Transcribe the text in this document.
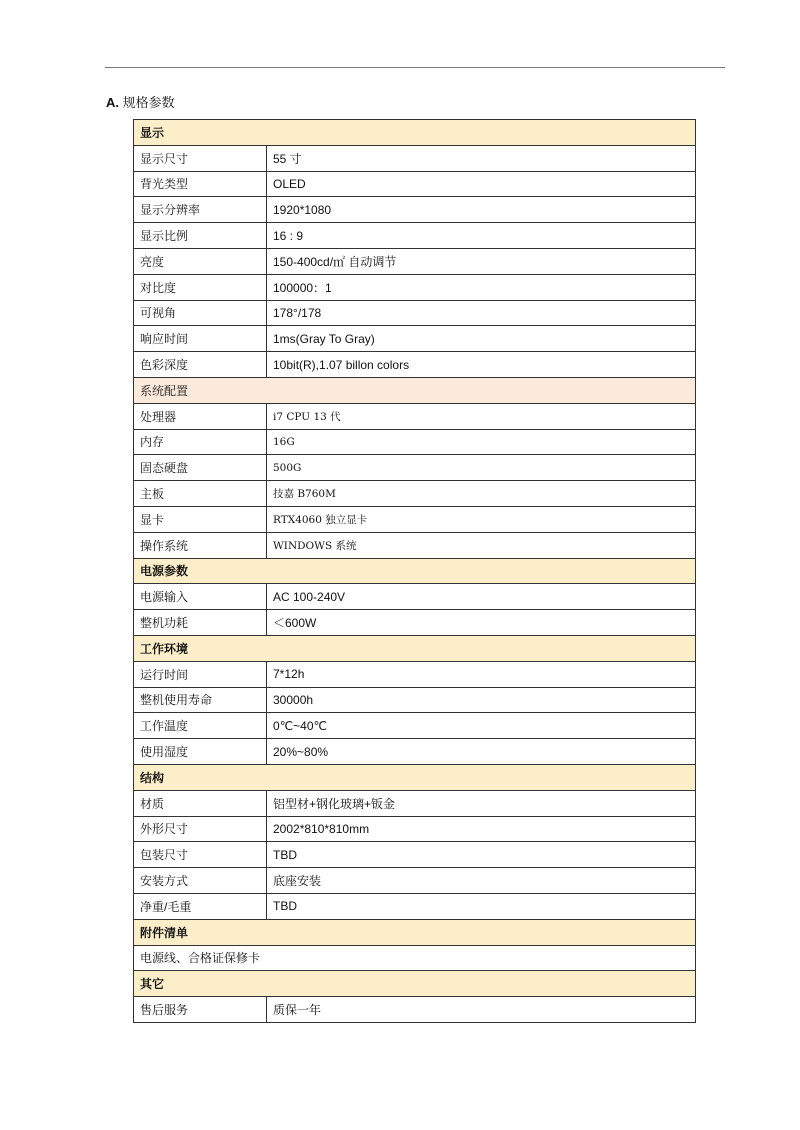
A. 规格参数
显示	
显示尺寸	55 寸
背光类型	OLED
显示分辨率	1920*1080
显示比例	16 : 9
亮度	150-400cd/㎡ 自动调节
对比度	100000：1
可视角	178°/178
响应时间	1ms(Gray To Gray)
色彩深度	10bit(R),1.07 billon colors
系统配置	
处理器	i7 CPU 13 代
内存	16G
固态硬盘	500G
主板	技嘉 B760M
显卡	RTX4060 独立显卡
操作系统	WINDOWS 系统
电源参数	
电源输入	AC 100-240V
整机功耗	＜600W
工作环境	
运行时间	7*12h
整机使用寿命	30000h
工作温度	0℃~40℃
使用湿度	20%~80%
结构	
材质	铝型材+钢化玻璃+钣金
外形尺寸	2002*810*810mm
包装尺寸	TBD
安装方式	底座安装
净重/毛重	TBD
附件清单	
电源线、合格证保修卡	
其它	
售后服务	质保一年
